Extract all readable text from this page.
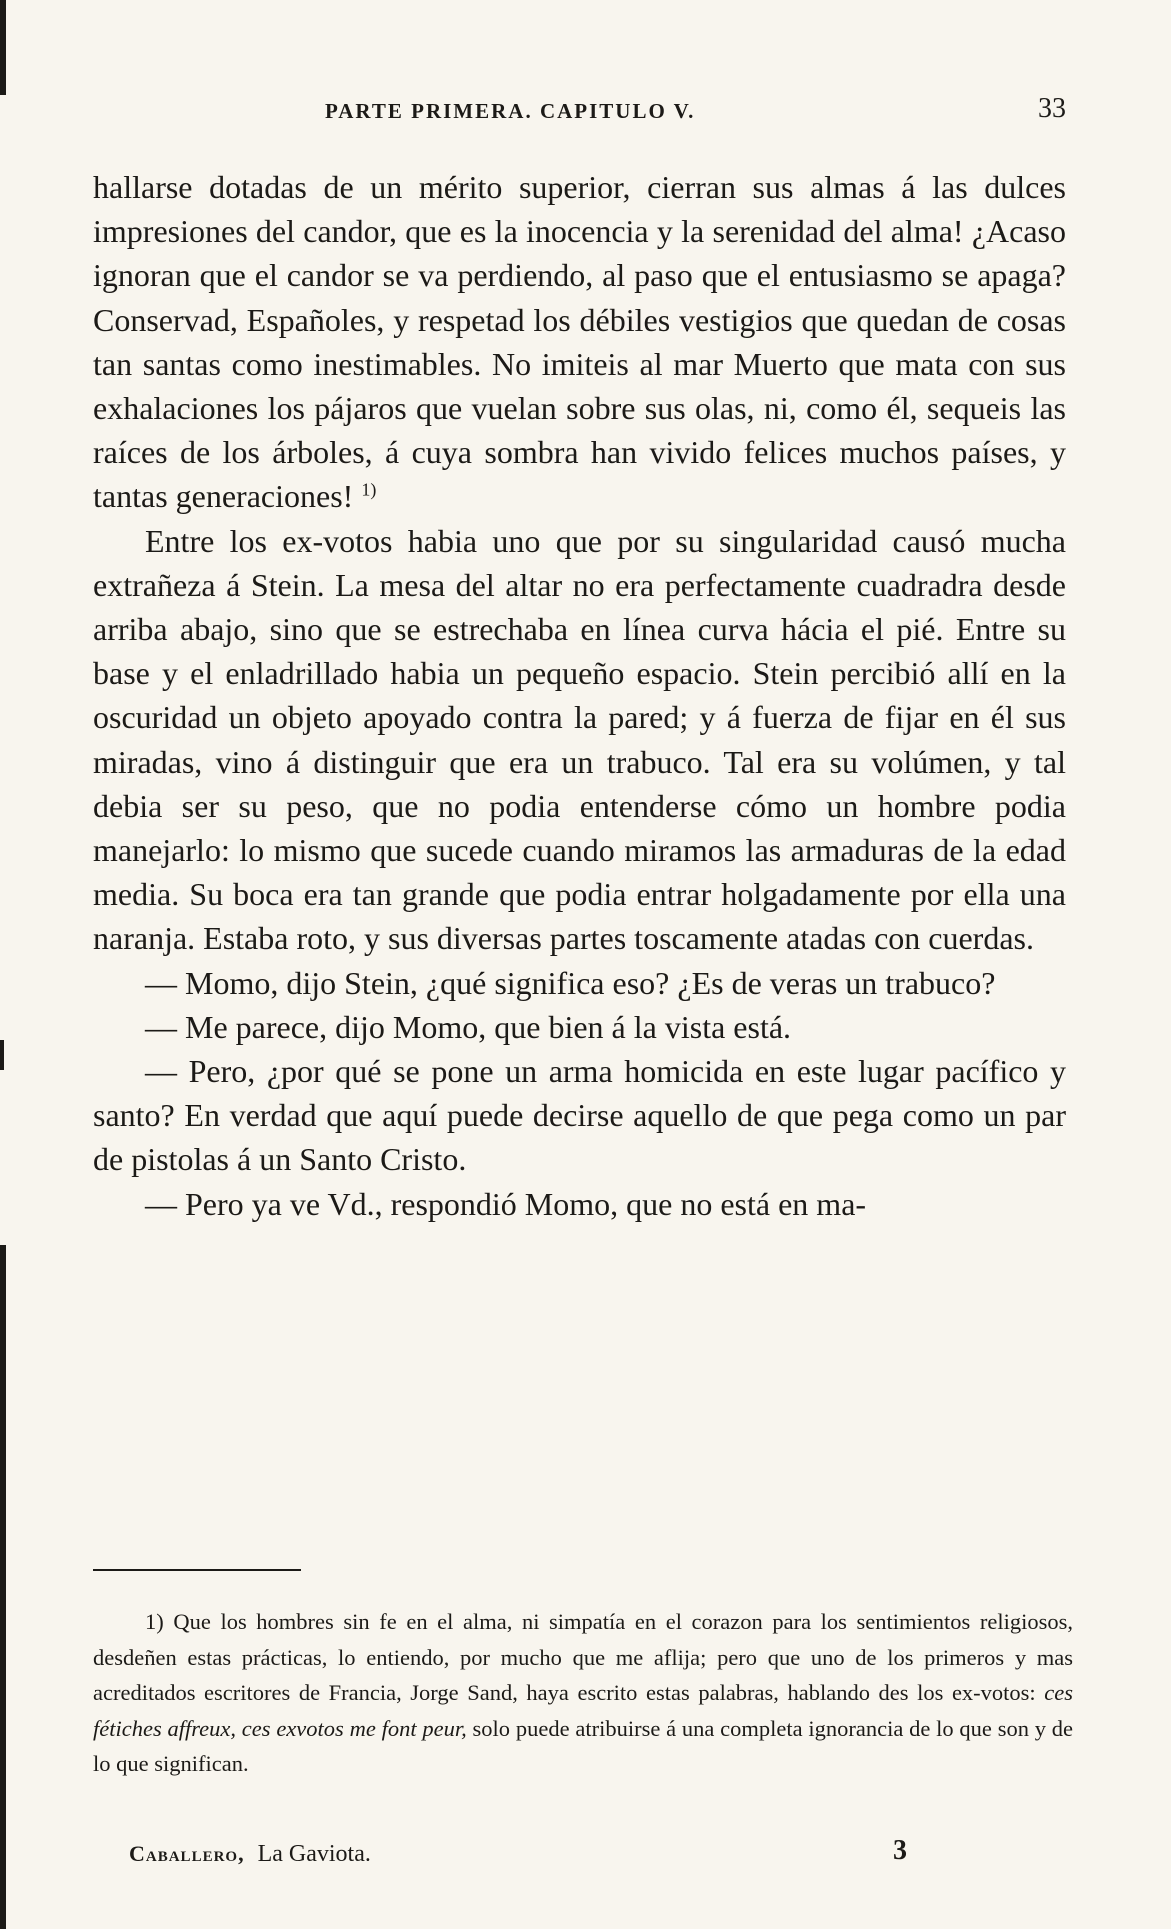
PARTE PRIMERA. CAPITULO V.	33

hallarse dotadas de un mérito superior, cierran sus almas á las dulces impresiones del candor, que es la inocencia y la serenidad del alma! ¿Acaso ignoran que el candor se va perdiendo, al paso que el entusiasmo se apaga? Conservad, Españoles, y respetad los débiles vestigios que quedan de cosas tan santas como inestimables. No imiteis al mar Muerto que mata con sus exhalaciones los pájaros que vuelan sobre sus olas, ni, como él, sequeis las raíces de los árboles, á cuya sombra han vivido felices muchos países, y tantas generaciones! $^{1)}$

Entre los ex-votos habia uno que por su singularidad causó mucha extrañeza á Stein. La mesa del altar no era perfectamente cuadradra desde arriba abajo, sino que se estrechaba en línea curva hácia el pié. Entre su base y el enladrillado habia un pequeño espacio. Stein percibió allí en la oscuridad un objeto apoyado contra la pared; y á fuerza de fijar en él sus miradas, vino á distinguir que era un trabuco. Tal era su volúmen, y tal debia ser su peso, que no podia entenderse cómo un hombre podia manejarlo: lo mismo que sucede cuando miramos las armaduras de la edad media. Su boca era tan grande que podia entrar holgadamente por ella una naranja. Estaba roto, y sus diversas partes toscamente atadas con cuerdas.

— Momo, dijo Stein, ¿qué significa eso? ¿Es de veras un trabuco?

— Me parece, dijo Momo, que bien á la vista está.

— Pero, ¿por qué se pone un arma homicida en este lugar pacífico y santo? En verdad que aquí puede decirse aquello de que pega como un par de pistolas á un Santo Cristo.

— Pero ya ve Vd., respondió Momo, que no está en ma-

1) Que los hombres sin fe en el alma, ni simpatía en el corazon para los sentimientos religiosos, desdeñen estas prácticas, lo entiendo, por mucho que me aflija; pero que uno de los primeros y mas acreditados escritores de Francia, Jorge Sand, haya escrito estas palabras, hablando des los ex-votos: ces fétiches affreux, ces exvotos me font peur, solo puede atribuirse á una completa ignorancia de lo que son y de lo que significan.

Caballero, La Gaviota.	3
